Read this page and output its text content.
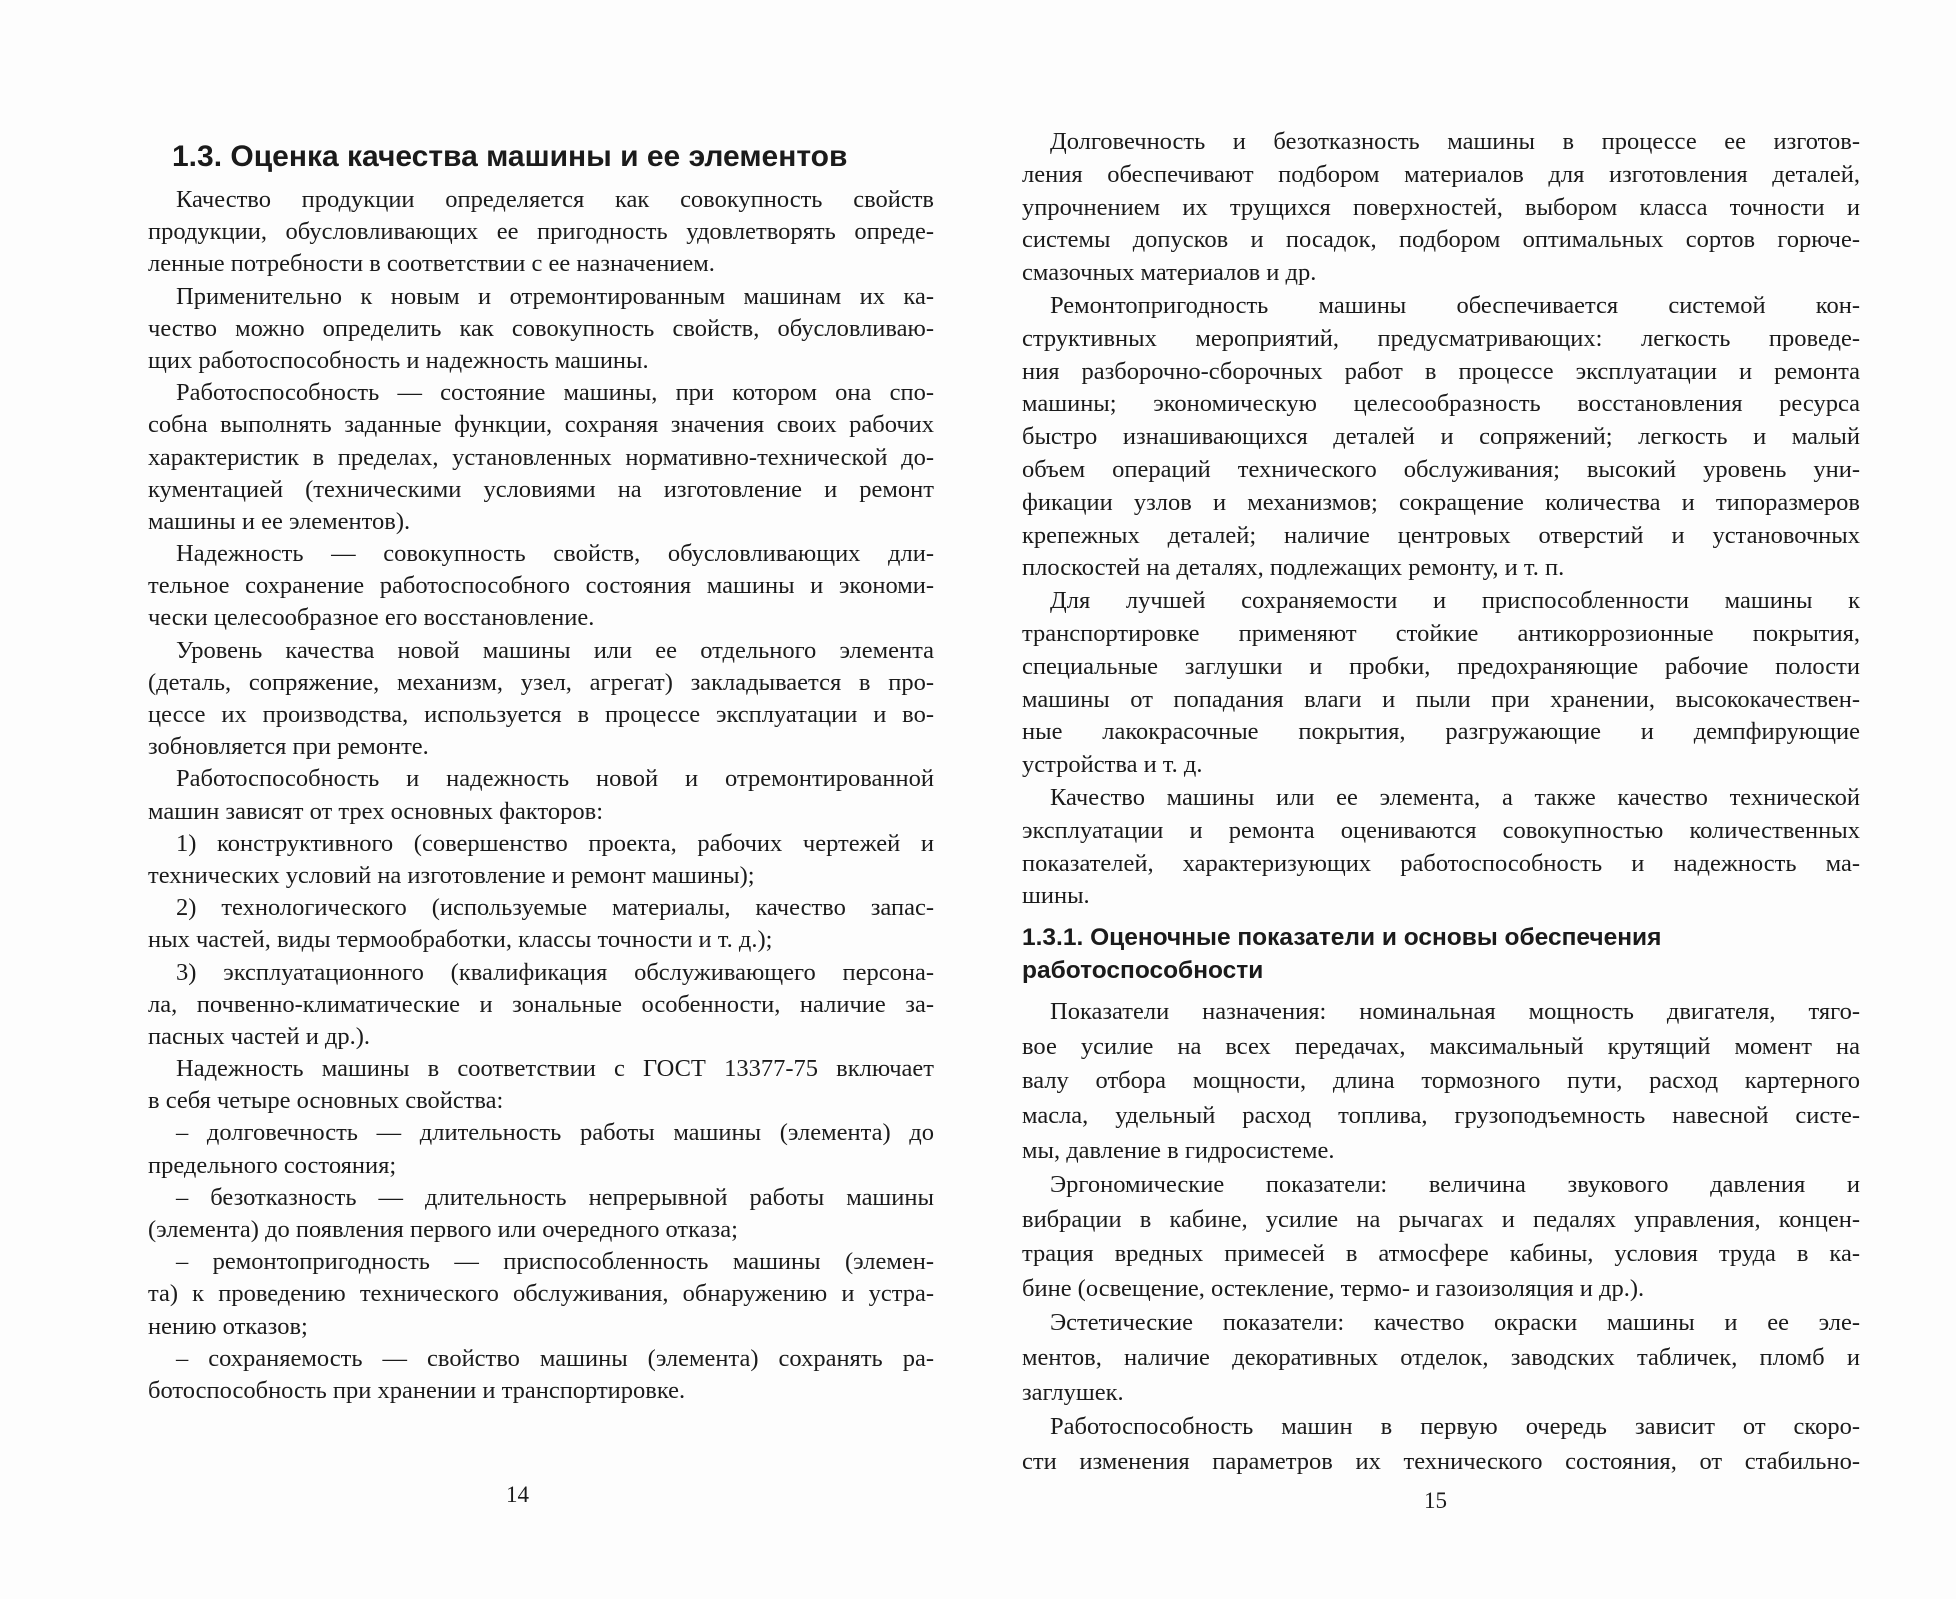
1.3. Оценка качества машины и ее элементов
Качество продукции определяется как совокупность свойств
продукции, обусловливающих ее пригодность удовлетворять опреде-
ленные потребности в соответствии с ее назначением.
Применительно к новым и отремонтированным машинам их ка-
чество можно определить как совокупность свойств, обусловливаю-
щих работоспособность и надежность машины.
Работоспособность — состояние машины, при котором она спо-
собна выполнять заданные функции, сохраняя значения своих рабочих
характеристик в пределах, установленных нормативно-технической до-
кументацией (техническими условиями на изготовление и ремонт
машины и ее элементов).
Надежность — совокупность свойств, обусловливающих дли-
тельное сохранение работоспособного состояния машины и экономи-
чески целесообразное его восстановление.
Уровень качества новой машины или ее отдельного элемента
(деталь, сопряжение, механизм, узел, агрегат) закладывается в про-
цессе их производства, используется в процессе эксплуатации и во-
зобновляется при ремонте.
Работоспособность и надежность новой и отремонтированной
машин зависят от трех основных факторов:
1) конструктивного (совершенство проекта, рабочих чертежей и
технических условий на изготовление и ремонт машины);
2) технологического (используемые материалы, качество запас-
ных частей, виды термообработки, классы точности и т. д.);
3) эксплуатационного (квалификация обслуживающего персона-
ла, почвенно-климатические и зональные особенности, наличие за-
пасных частей и др.).
Надежность машины в соответствии с ГОСТ 13377-75 включает
в себя четыре основных свойства:
– долговечность — длительность работы машины (элемента) до
предельного состояния;
– безотказность — длительность непрерывной работы машины
(элемента) до появления первого или очередного отказа;
– ремонтопригодность — приспособленность машины (элемен-
та) к проведению технического обслуживания, обнаружению и устра-
нению отказов;
– сохраняемость — свойство машины (элемента) сохранять ра-
ботоспособность при хранении и транспортировке.
Долговечность и безотказность машины в процессе ее изготов-
ления обеспечивают подбором материалов для изготовления деталей,
упрочнением их трущихся поверхностей, выбором класса точности и
системы допусков и посадок, подбором оптимальных сортов горюче-
смазочных материалов и др.
Ремонтопригодность машины обеспечивается системой кон-
структивных мероприятий, предусматривающих: легкость проведе-
ния разборочно-сборочных работ в процессе эксплуатации и ремонта
машины; экономическую целесообразность восстановления ресурса
быстро изнашивающихся деталей и сопряжений; легкость и малый
объем операций технического обслуживания; высокий уровень уни-
фикации узлов и механизмов; сокращение количества и типоразмеров
крепежных деталей; наличие центровых отверстий и установочных
плоскостей на деталях, подлежащих ремонту, и т. п.
Для лучшей сохраняемости и приспособленности машины к
транспортировке применяют стойкие антикоррозионные покрытия,
специальные заглушки и пробки, предохраняющие рабочие полости
машины от попадания влаги и пыли при хранении, высококачествен-
ные лакокрасочные покрытия, разгружающие и демпфирующие
устройства и т. д.
Качество машины или ее элемента, а также качество технической
эксплуатации и ремонта оцениваются совокупностью количественных
показателей, характеризующих работоспособность и надежность ма-
шины.
1.3.1. Оценочные показатели и основы обеспечения
работоспособности
Показатели назначения: номинальная мощность двигателя, тяго-
вое усилие на всех передачах, максимальный крутящий момент на
валу отбора мощности, длина тормозного пути, расход картерного
масла, удельный расход топлива, грузоподъемность навесной систе-
мы, давление в гидросистеме.
Эргономические показатели: величина звукового давления и
вибрации в кабине, усилие на рычагах и педалях управления, концен-
трация вредных примесей в атмосфере кабины, условия труда в ка-
бине (освещение, остекление, термо- и газоизоляция и др.).
Эстетические показатели: качество окраски машины и ее эле-
ментов, наличие декоративных отделок, заводских табличек, пломб и
заглушек.
Работоспособность машин в первую очередь зависит от скоро-
сти изменения параметров их технического состояния, от стабильно-
14	15
